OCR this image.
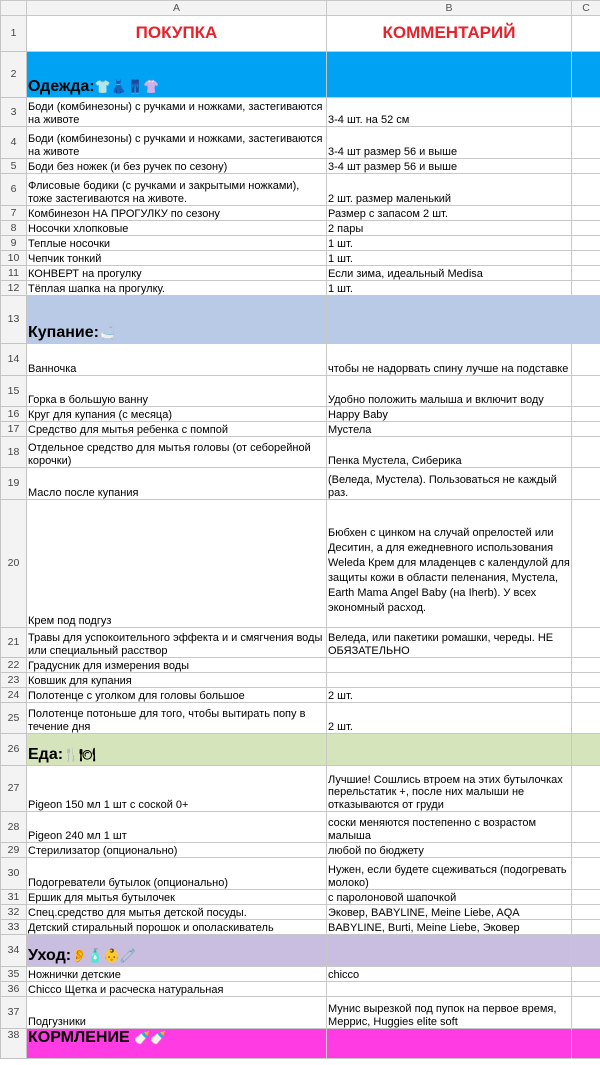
	A	B	C
1	ПОКУПКА	КОММЕНТАРИЙ	
2	Одежда:👕👗👖👚		
3	Боди (комбинезоны) с ручками и ножками, застегиваются на животе	3-4 шт. на 52 см	
4	Боди (комбинезоны) с ручками и ножками, застегиваются на животе	3-4 шт размер 56 и выше	
5	Боди без ножек (и без ручек по сезону)	3-4 шт размер 56 и выше	
6	Флисовые бодики (с ручками и закрытыми ножками), тоже застегиваются на животе.	2 шт. размер маленький	
7	Комбинезон НА ПРОГУЛКУ по сезону	Размер с запасом 2 шт.	
8	Носочки хлопковые	2 пары	
9	Теплые носочки	1 шт.	
10	Чепчик тонкий	1 шт.	
11	КОНВЕРТ на прогулку	Если зима, идеальный Medisa	
12	Тёплая шапка на прогулку.	1 шт.	
13	Купание:🛁		
14	Ванночка	чтобы не надорвать спину лучше на подставке	
15	Горка в большую ванну	Удобно положить малыша и включит воду	
16	Круг для купания (с месяца)	Happy Baby	
17	Средство для мытья ребенка с помпой	Мустела	
18	Отдельное средство для мытья головы (от себорейной корочки)	Пенка Мустела, Сиберика	
19	Масло после купания	(Веледа, Мустела). Пользоваться не каждый раз.	
20	Крем под подгуз	Бюбхен с цинком на случай опрелостей или Деситин, а для ежедневного использования Weleda Крем для младенцев с календулой для защиты кожи в области пеленания, Мустела, Earth Mama Angel Baby (на Iherb). У всех экономный расход.	
21	Травы для успокоительного эффекта и и смягчения воды или специальный расствор	Веледа, или пакетики ромашки, череды. НЕ ОБЯЗАТЕЛЬНО	
22	Градусник для измерения воды		
23	Ковшик для купания		
24	Полотенце с уголком для головы большое	2 шт.	
25	Полотенце потоньше для того, чтобы вытирать попу в течение дня	2 шт.	
26	Еда:🍴🍽		
27	Pigeon 150 мл 1 шт с соской 0+	Лучшие! Сошлись втроем на этих бутылочках перельстатик +, после них малыши не отказываются от груди	
28	Pigeon 240 мл 1 шт	соски меняются постепенно с возрастом малыша	
29	Стерилизатор (опционально)	любой по бюджету	
30	Подогреватели бутылок (опционально)	Нужен, если будете сцеживаться (подогревать молоко)	
31	Ершик для мытья бутылочек	с паролоновой шапочкой	
32	Спец.средство для мытья детской посуды.	Эковер, BABYLINE, Meine Liebe, AQA	
33	Детский стиральный порошок и ополаскиватель	BABYLINE, Burti, Meine Liebe, Эковер	
34	Уход:👂🧴👶🧷		
35	Ножнички детские	chicco	
36	Chicco Щетка и расческа натуральная		
37	Подгузники	Мунис вырезкой под пупок на первое время, Меррис, Huggies elite soft	
38	КОРМЛЕНИЕ 🍼🍼		
